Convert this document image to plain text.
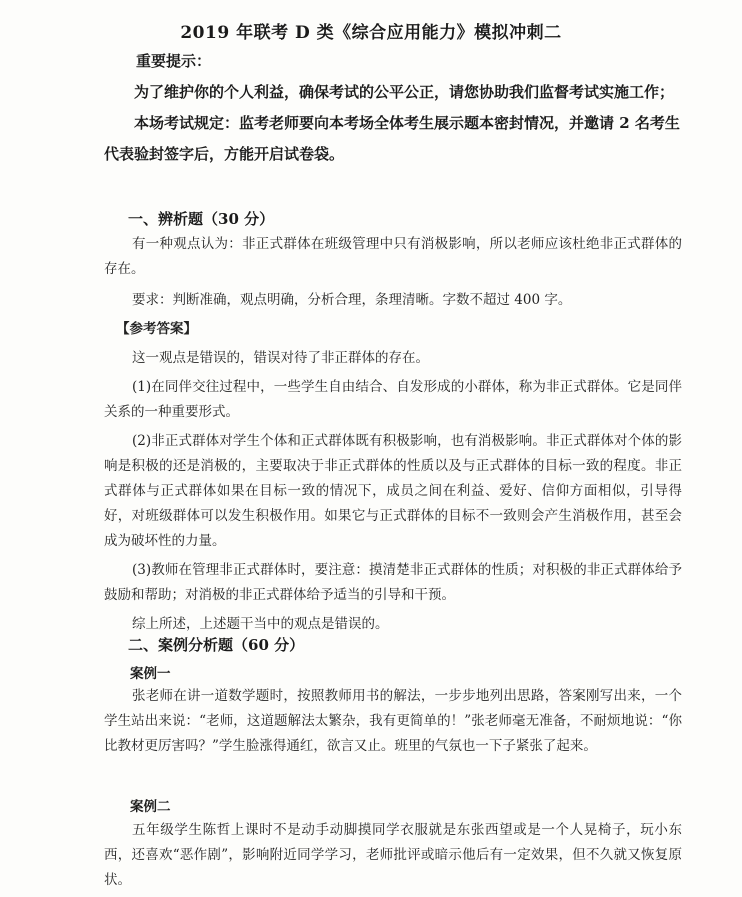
2019 年联考 D 类《综合应用能力》模拟冲刺二

重要提示：

为了维护你的个人利益，确保考试的公平公正，请您协助我们监督考试实施工作；

本场考试规定：监考老师要向本考场全体考生展示题本密封情况，并邀请 2 名考生代表验封签字后，方能开启试卷袋。

一、辨析题（30 分）

有一种观点认为：非正式群体在班级管理中只有消极影响，所以老师应该杜绝非正式群体的存在。

要求：判断准确，观点明确，分析合理，条理清晰。字数不超过 400 字。

【参考答案】

这一观点是错误的，错误对待了非正群体的存在。

(1)在同伴交往过程中，一些学生自由结合、自发形成的小群体，称为非正式群体。它是同伴关系的一种重要形式。

(2)非正式群体对学生个体和正式群体既有积极影响，也有消极影响。非正式群体对个体的影响是积极的还是消极的，主要取决于非正式群体的性质以及与正式群体的目标一致的程度。非正式群体与正式群体如果在目标一致的情况下，成员之间在利益、爱好、信仰方面相似，引导得好，对班级群体可以发生积极作用。如果它与正式群体的目标不一致则会产生消极作用，甚至会成为破坏性的力量。

(3)教师在管理非正式群体时，要注意：摸清楚非正式群体的性质；对积极的非正式群体给予鼓励和帮助；对消极的非正式群体给予适当的引导和干预。

综上所述，上述题干当中的观点是错误的。

二、案例分析题（60 分）
案例一

张老师在讲一道数学题时，按照教师用书的解法，一步步地列出思路，答案刚写出来，一个学生站出来说：“老师，这道题解法太繁杂，我有更简单的！”张老师毫无准备，不耐烦地说：“你比教材更厉害吗？”学生脸涨得通红，欲言又止。班里的气氛也一下子紧张了起来。

案例二

五年级学生陈哲上课时不是动手动脚摸同学衣服就是东张西望或是一个人晃椅子，玩小东西，还喜欢“恶作剧”，影响附近同学学习，老师批评或暗示他后有一定效果，但不久就又恢复原状。
